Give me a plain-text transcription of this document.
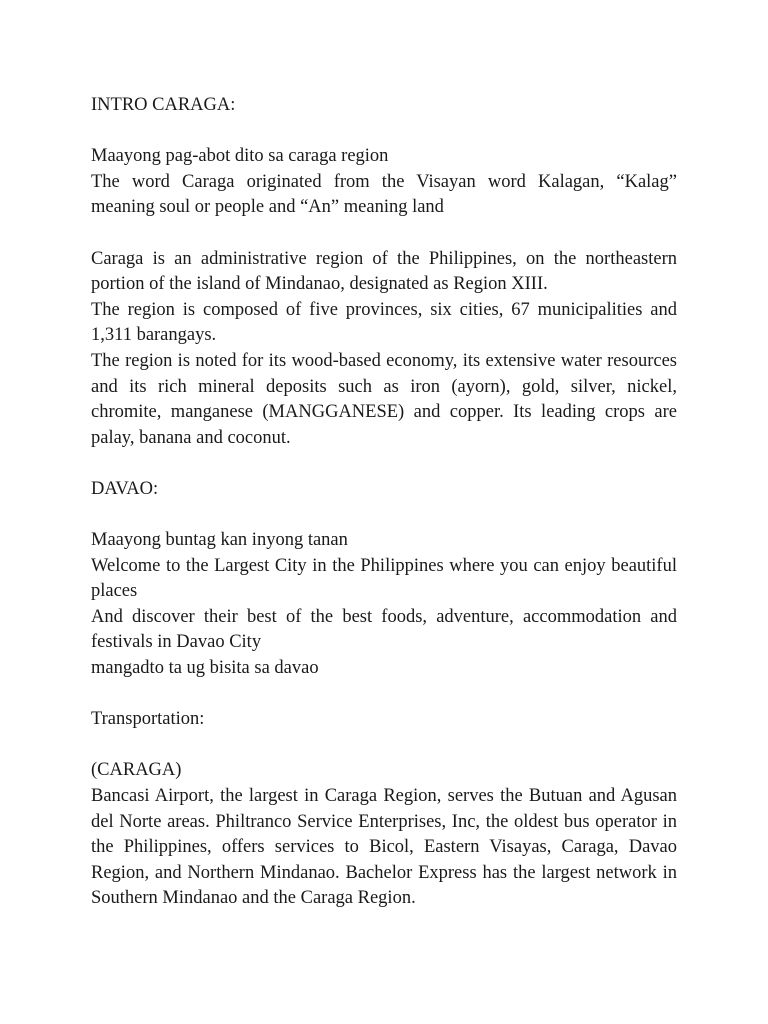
INTRO CARAGA:
Maayong pag-abot dito sa caraga region
The word Caraga originated from the Visayan word Kalagan, “Kalag” meaning soul or people and “An” meaning land
Caraga is an administrative region of the Philippines, on the northeastern portion of the island of Mindanao, designated as Region XIII.
The region is composed of five provinces, six cities, 67 municipalities and 1,311 barangays.
The region is noted for its wood-based economy, its extensive water resources and its rich mineral deposits such as iron (ayorn), gold, silver, nickel, chromite, manganese (MANGGANESE) and copper. Its leading crops are palay, banana and coconut.
DAVAO:
Maayong buntag kan inyong tanan
Welcome to the Largest City in the Philippines where you can enjoy beautiful places
And discover their best of the best foods, adventure, accommodation and festivals in Davao City
mangadto ta ug bisita sa davao
Transportation:
(CARAGA)
Bancasi Airport, the largest in Caraga Region, serves the Butuan and Agusan del Norte areas. Philtranco Service Enterprises, Inc, the oldest bus operator in the Philippines, offers services to Bicol, Eastern Visayas, Caraga, Davao Region, and Northern Mindanao. Bachelor Express has the largest network in Southern Mindanao and the Caraga Region.
